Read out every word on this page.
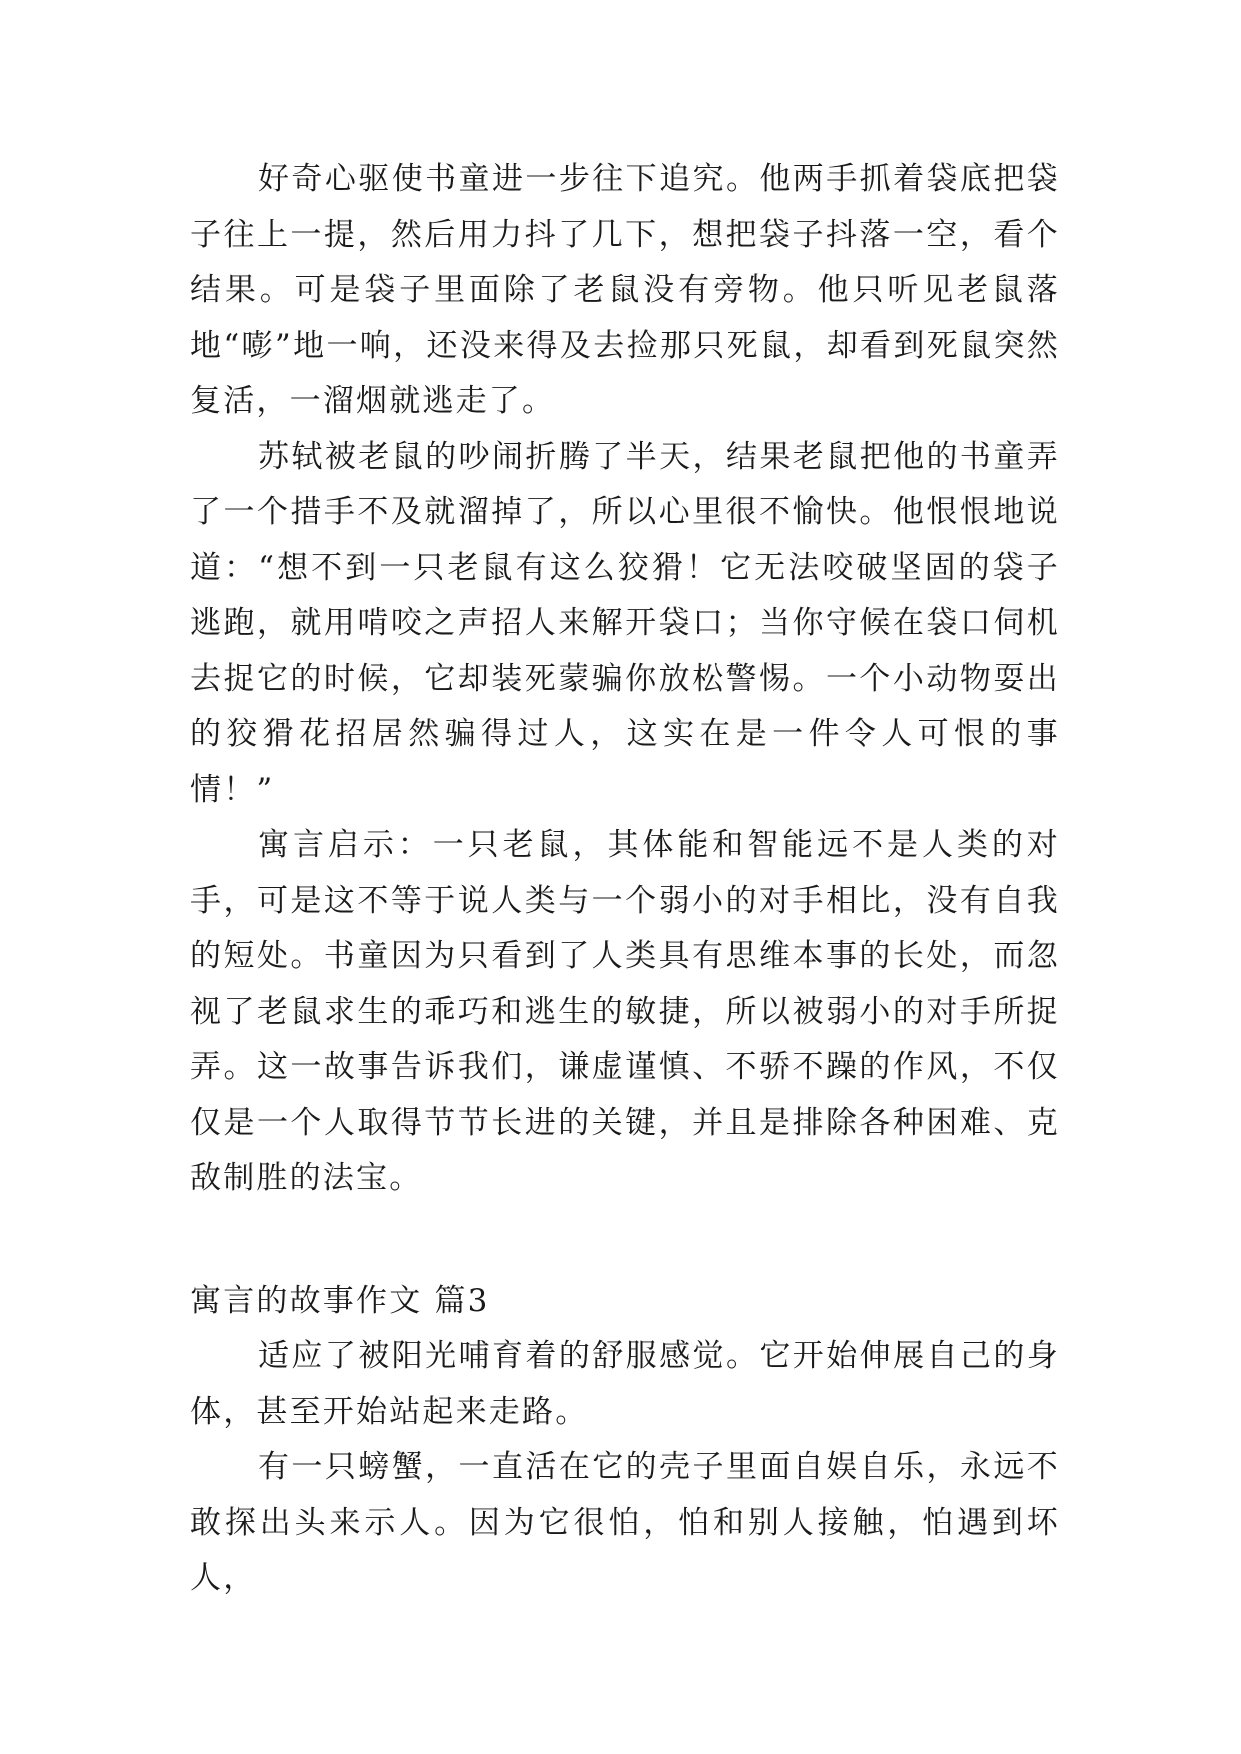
好奇心驱使书童进一步往下追究。他两手抓着袋底把袋子往上一提，然后用力抖了几下，想把袋子抖落一空，看个结果。可是袋子里面除了老鼠没有旁物。他只听见老鼠落地“嘭”地一响，还没来得及去捡那只死鼠，却看到死鼠突然复活，一溜烟就逃走了。

苏轼被老鼠的吵闹折腾了半天，结果老鼠把他的书童弄了一个措手不及就溜掉了，所以心里很不愉快。他恨恨地说道：“想不到一只老鼠有这么狡猾！它无法咬破坚固的袋子逃跑，就用啃咬之声招人来解开袋口；当你守候在袋口伺机去捉它的时候，它却装死蒙骗你放松警惕。一个小动物耍出的狡猾花招居然骗得过人，这实在是一件令人可恨的事情！”

寓言启示：一只老鼠，其体能和智能远不是人类的对手，可是这不等于说人类与一个弱小的对手相比，没有自我的短处。书童因为只看到了人类具有思维本事的长处，而忽视了老鼠求生的乖巧和逃生的敏捷，所以被弱小的对手所捉弄。这一故事告诉我们，谦虚谨慎、不骄不躁的作风，不仅仅是一个人取得节节长进的关键，并且是排除各种困难、克敌制胜的法宝。

寓言的故事作文 篇3

适应了被阳光哺育着的舒服感觉。它开始伸展自己的身体，甚至开始站起来走路。

有一只螃蟹，一直活在它的壳子里面自娱自乐，永远不敢探出头来示人。因为它很怕，怕和别人接触，怕遇到坏人，
